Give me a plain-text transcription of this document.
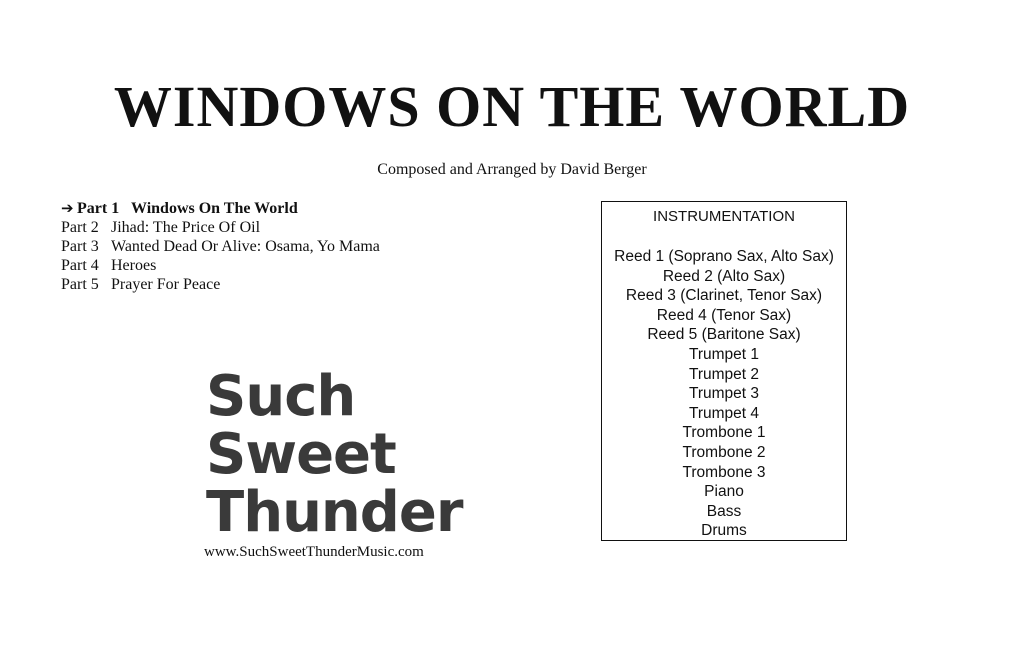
WINDOWS ON THE WORLD
Composed and Arranged by David Berger
➔ Part 1 Windows On The World
Part 2 Jihad: The Price Of Oil
Part 3 Wanted Dead Or Alive: Osama, Yo Mama
Part 4 Heroes
Part 5 Prayer For Peace
Such
Sweet
Thunder
www.SuchSweetThunderMusic.com
INSTRUMENTATION
Reed 1 (Soprano Sax, Alto Sax)
Reed 2 (Alto Sax)
Reed 3 (Clarinet, Tenor Sax)
Reed 4 (Tenor Sax)
Reed 5 (Baritone Sax)
Trumpet 1
Trumpet 2
Trumpet 3
Trumpet 4
Trombone 1
Trombone 2
Trombone 3
Piano
Bass
Drums
